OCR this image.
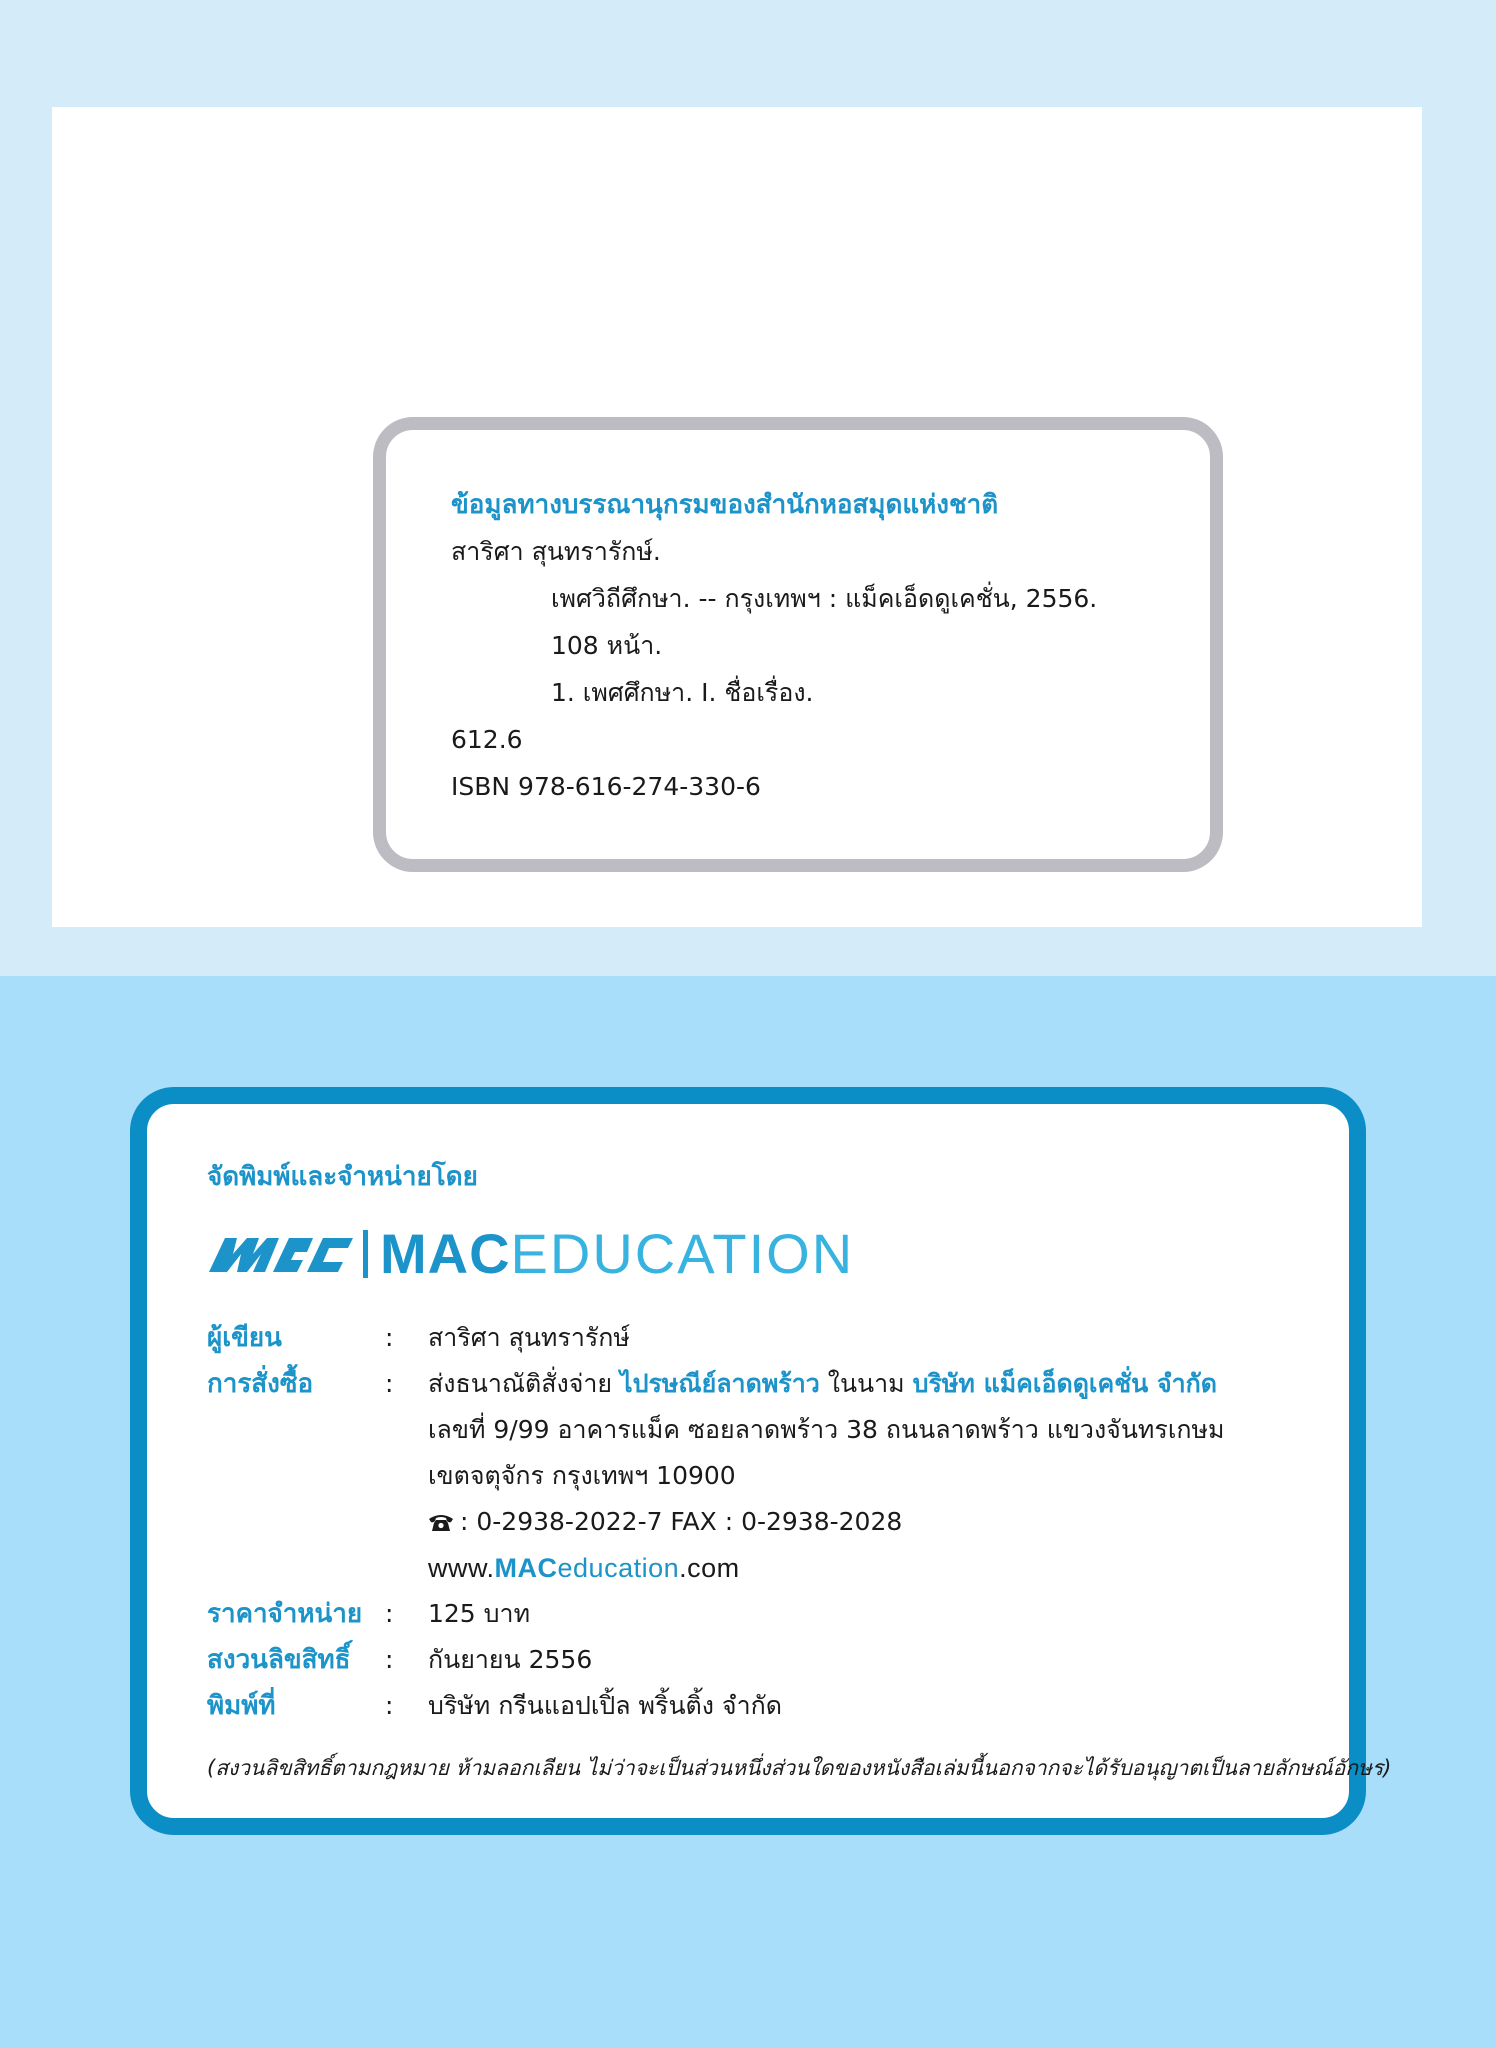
ข้อมูลทางบรรณานุกรมของสำนักหอสมุดแห่งชาติ
สาริศา สุนทรารักษ์.
เพศวิถีศึกษา. -- กรุงเทพฯ : แม็คเอ็ดดูเคชั่น, 2556.
108 หน้า.
1. เพศศึกษา. I. ชื่อเรื่อง.
612.6
ISBN 978-616-274-330-6
จัดพิมพ์และจำหน่ายโดย
MAC EDUCATION
ผู้เขียน	: สาริศา สุนทรารักษ์
การสั่งซื้อ	: ส่งธนาณัติสั่งจ่าย ไปรษณีย์ลาดพร้าว ในนาม บริษัท แม็คเอ็ดดูเคชั่น จำกัด
เลขที่ 9/99 อาคารแม็ค ซอยลาดพร้าว 38 ถนนลาดพร้าว แขวงจันทรเกษม
เขตจตุจักร กรุงเทพฯ 10900
: 0-2938-2022-7 FAX : 0-2938-2028
www.MACeducation.com
ราคาจำหน่าย : 125 บาท
สงวนลิขสิทธิ์ : กันยายน 2556
พิมพ์ที่	: บริษัท กรีนแอปเปิ้ล พริ้นติ้ง จำกัด
(สงวนลิขสิทธิ์ตามกฎหมาย ห้ามลอกเลียน ไม่ว่าจะเป็นส่วนหนึ่งส่วนใดของหนังสือเล่มนี้นอกจากจะได้รับอนุญาตเป็นลายลักษณ์อักษร)
